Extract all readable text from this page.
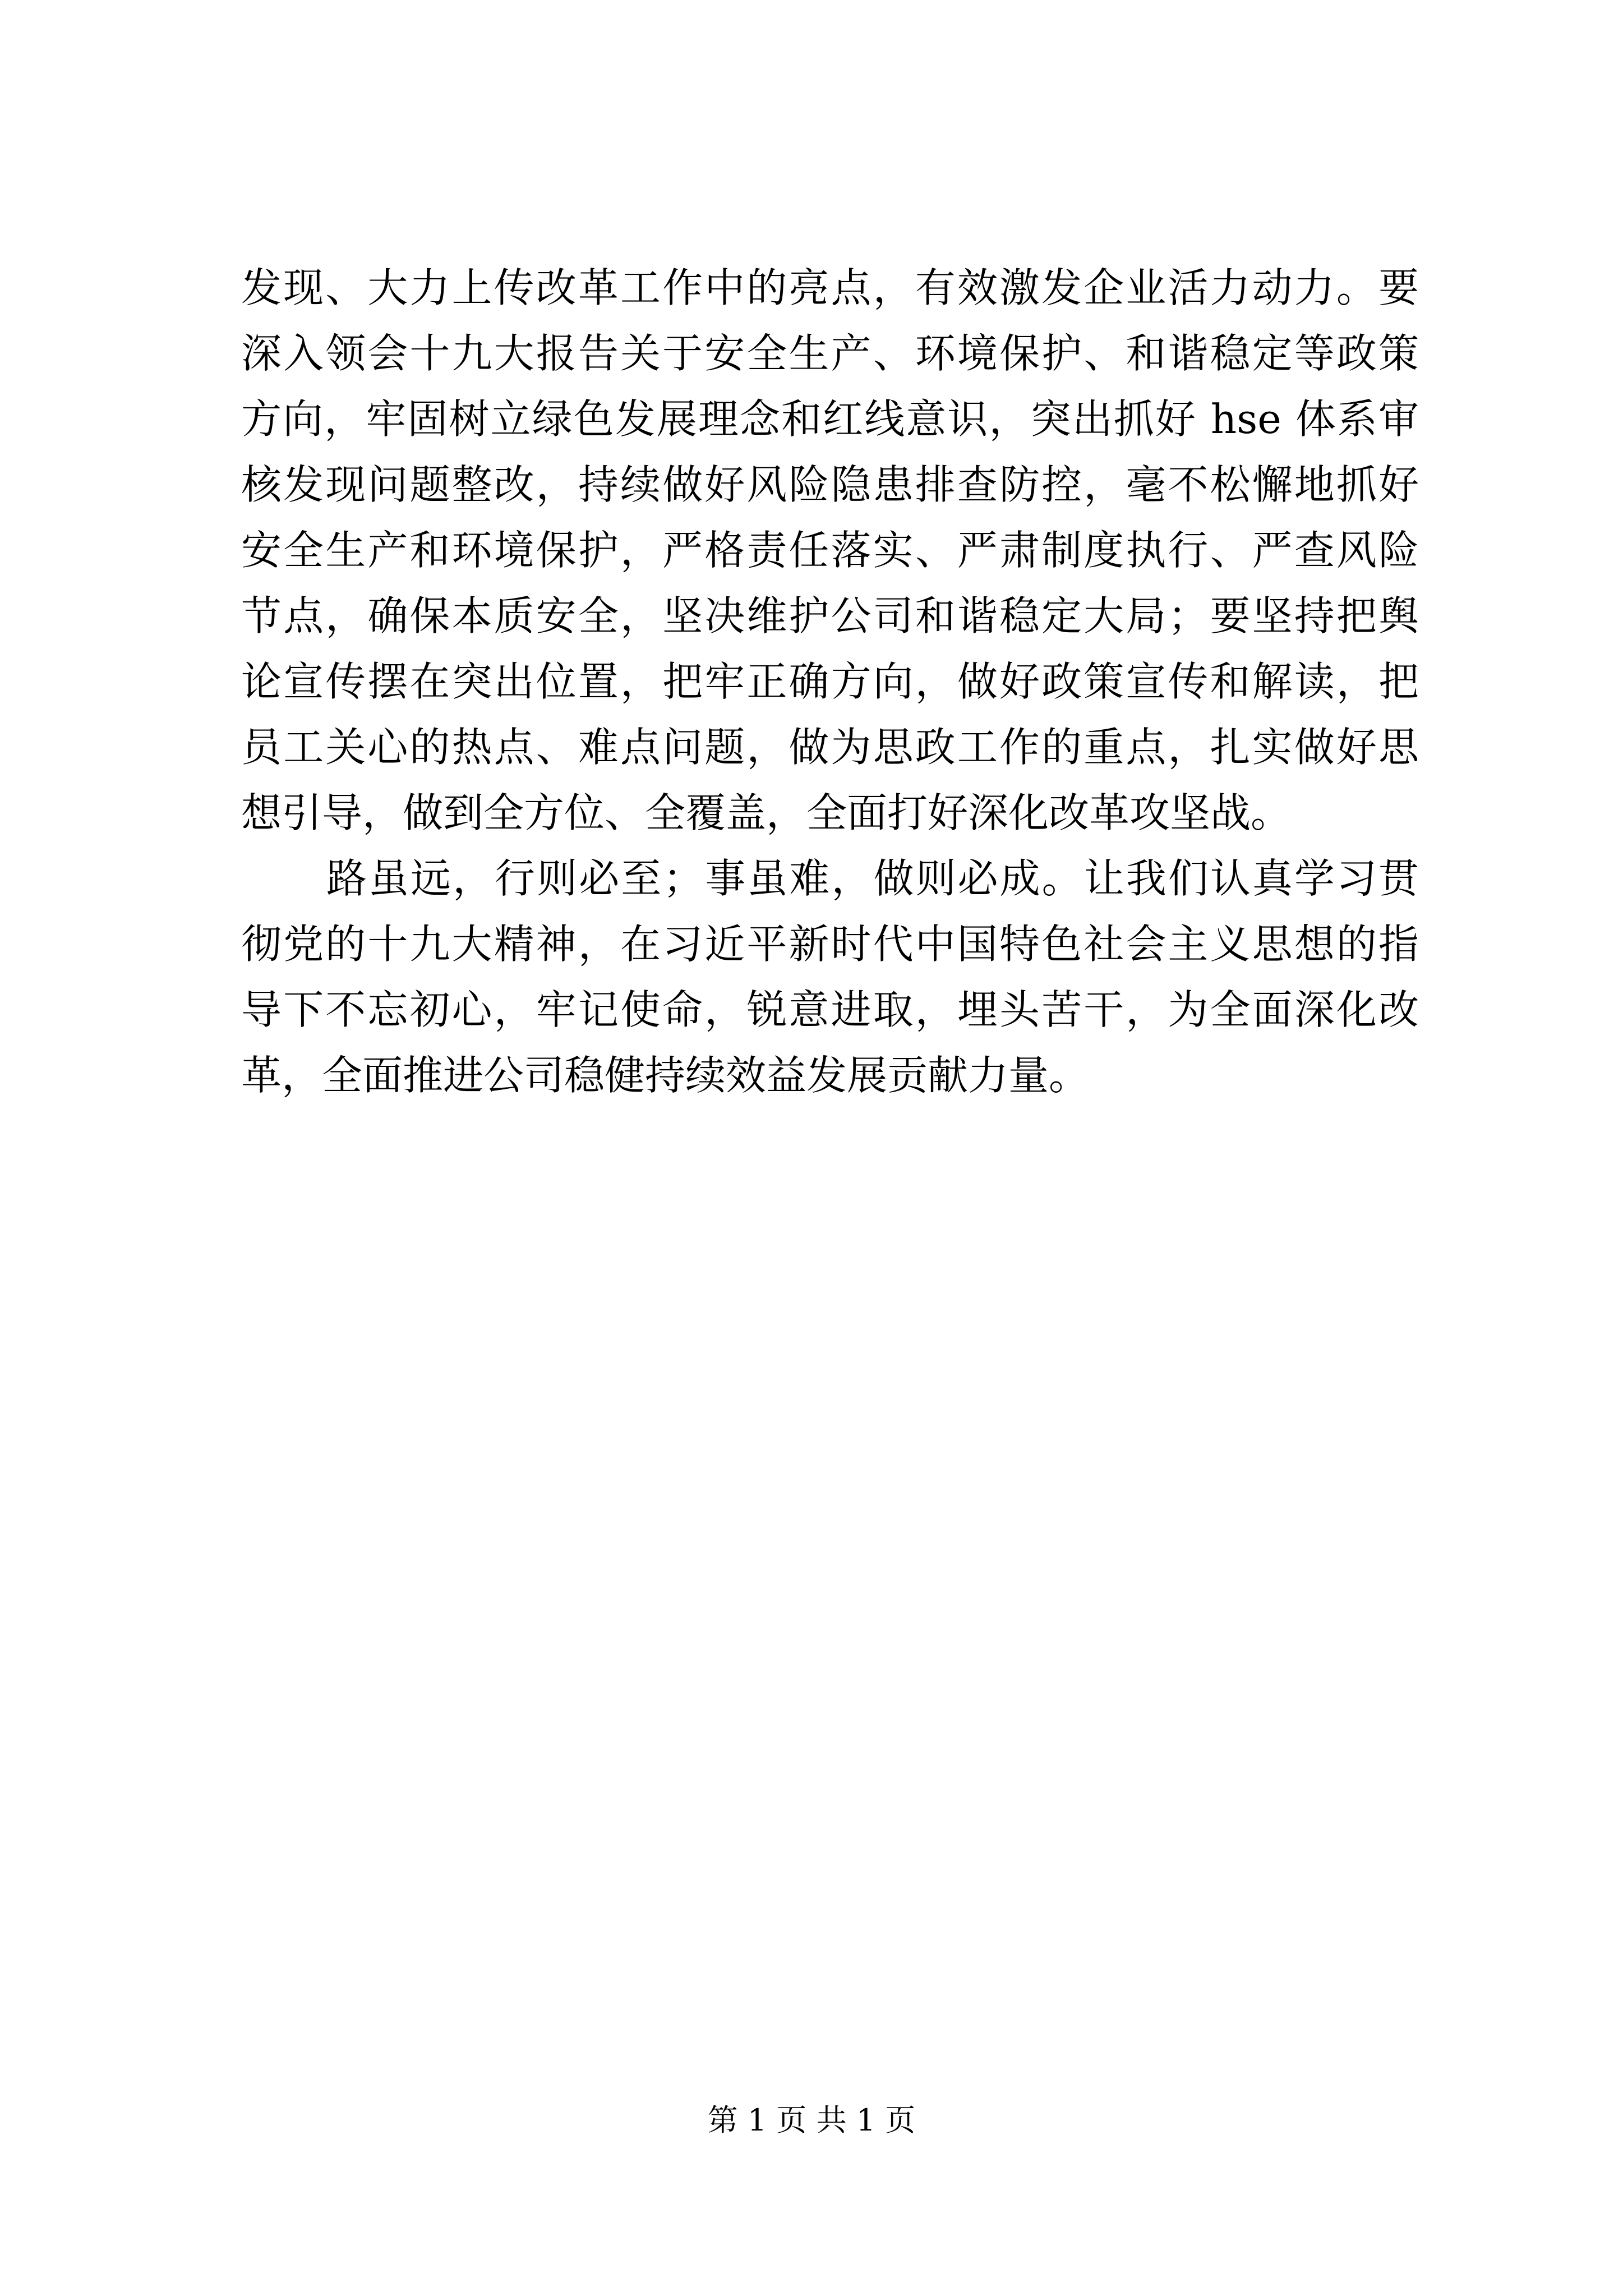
发现、大力上传改革工作中的亮点，有效激发企业活力动力。要
深入领会十九大报告关于安全生产、环境保护、和谐稳定等政策
方向，牢固树立绿色发展理念和红线意识，突出抓好 hse 体系审
核发现问题整改，持续做好风险隐患排查防控，毫不松懈地抓好
安全生产和环境保护，严格责任落实、严肃制度执行、严查风险
节点，确保本质安全，坚决维护公司和谐稳定大局；要坚持把舆
论宣传摆在突出位置，把牢正确方向，做好政策宣传和解读，把
员工关心的热点、难点问题，做为思政工作的重点，扎实做好思
想引导，做到全方位、全覆盖，全面打好深化改革攻坚战。
路虽远，行则必至；事虽难，做则必成。让我们认真学习贯
彻党的十九大精神，在习近平新时代中国特色社会主义思想的指
导下不忘初心，牢记使命，锐意进取，埋头苦干，为全面深化改
革，全面推进公司稳健持续效益发展贡献力量。
第 1 页 共 1 页
